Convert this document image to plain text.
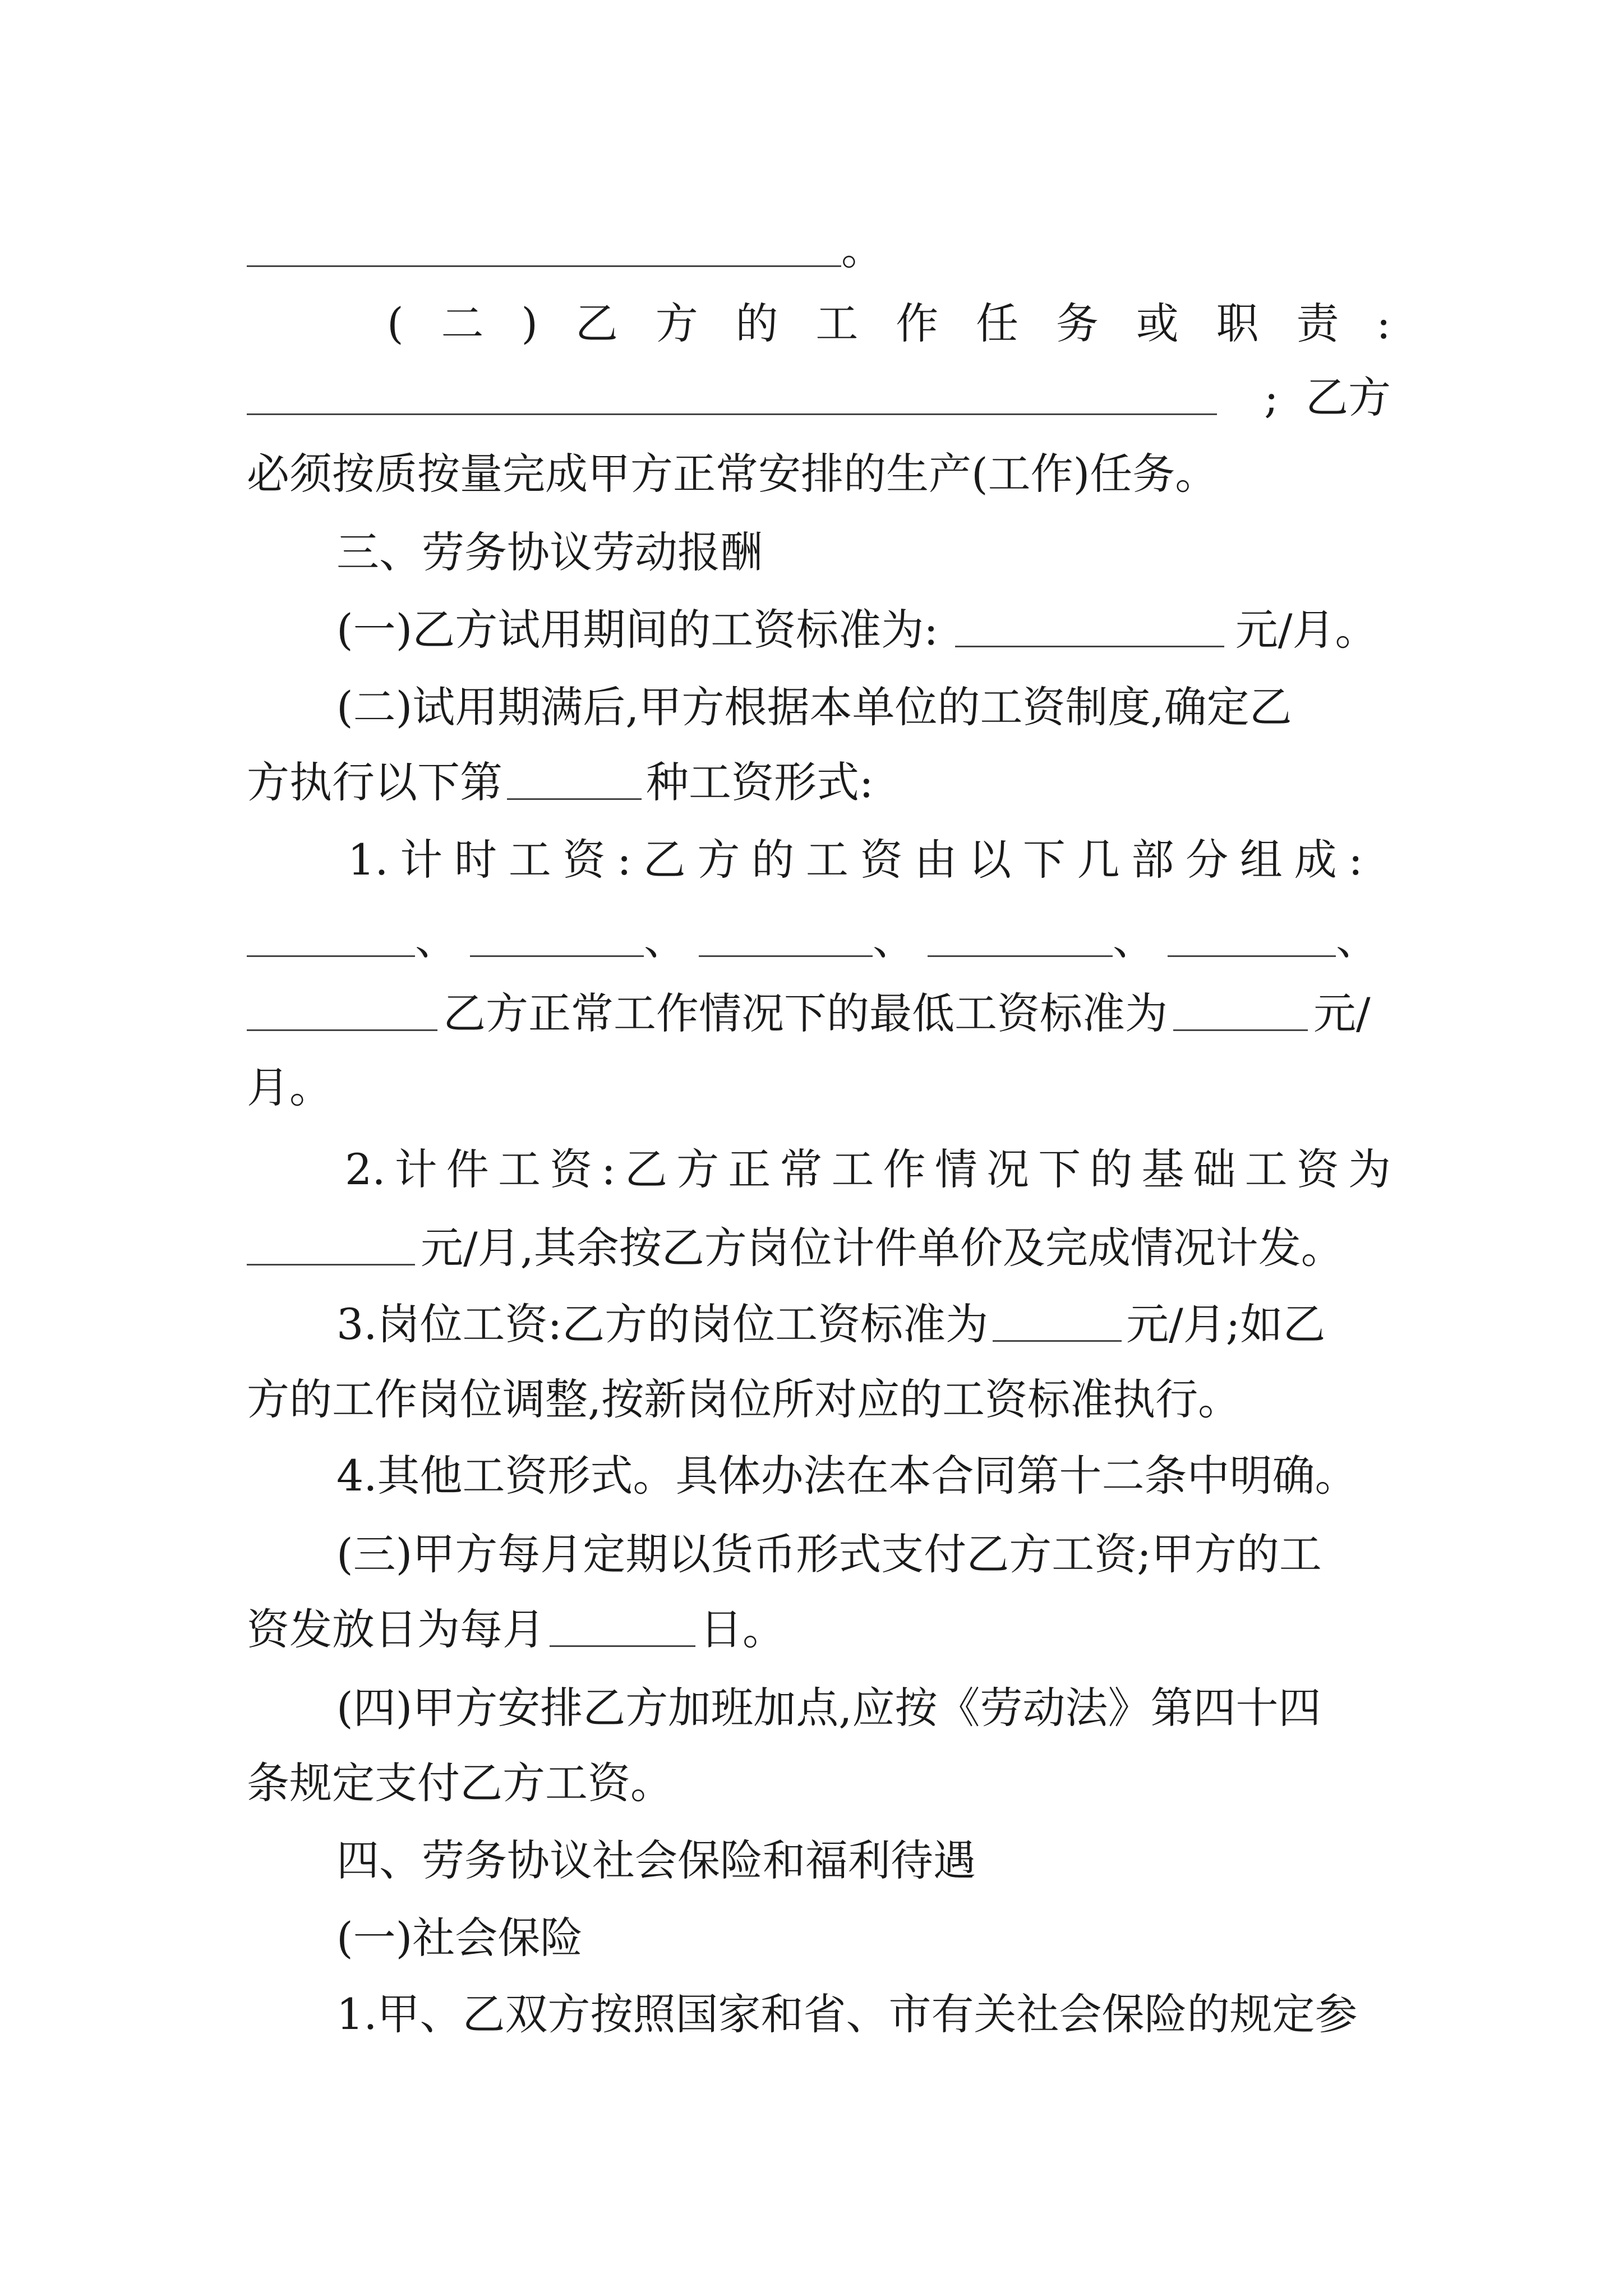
。
( 二 ) 乙 方 的 工 作 任 务 或 职 责 :
;  乙方
必须按质按量完成甲方正常安排的生产(工作)任务。
三、劳务协议劳动报酬
(一)乙方试用期间的工资标准为:	元/月。
(二)试用期满后,甲方根据本单位的工资制度,确定乙
方执行以下第	种工资形式:
1. 计 时 工 资 : 乙 方 的 工 资 由 以 下 几 部 分 组 成 :
、	、	、	、	、
乙方正常工作情况下的最低工资标准为	元/
月。
2. 计 件 工 资 : 乙 方 正 常 工 作 情 况 下 的 基 础 工 资 为
元/月,其余按乙方岗位计件单价及完成情况计发。
3.岗位工资:乙方的岗位工资标准为	元/月;如乙
方的工作岗位调整,按新岗位所对应的工资标准执行。
4.其他工资形式。具体办法在本合同第十二条中明确。
(三)甲方每月定期以货币形式支付乙方工资;甲方的工
资发放日为每月	日。
(四)甲方安排乙方加班加点,应按《劳动法》第四十四
条规定支付乙方工资。
四、劳务协议社会保险和福利待遇
(一)社会保险
1.甲、乙双方按照国家和省、市有关社会保险的规定参
